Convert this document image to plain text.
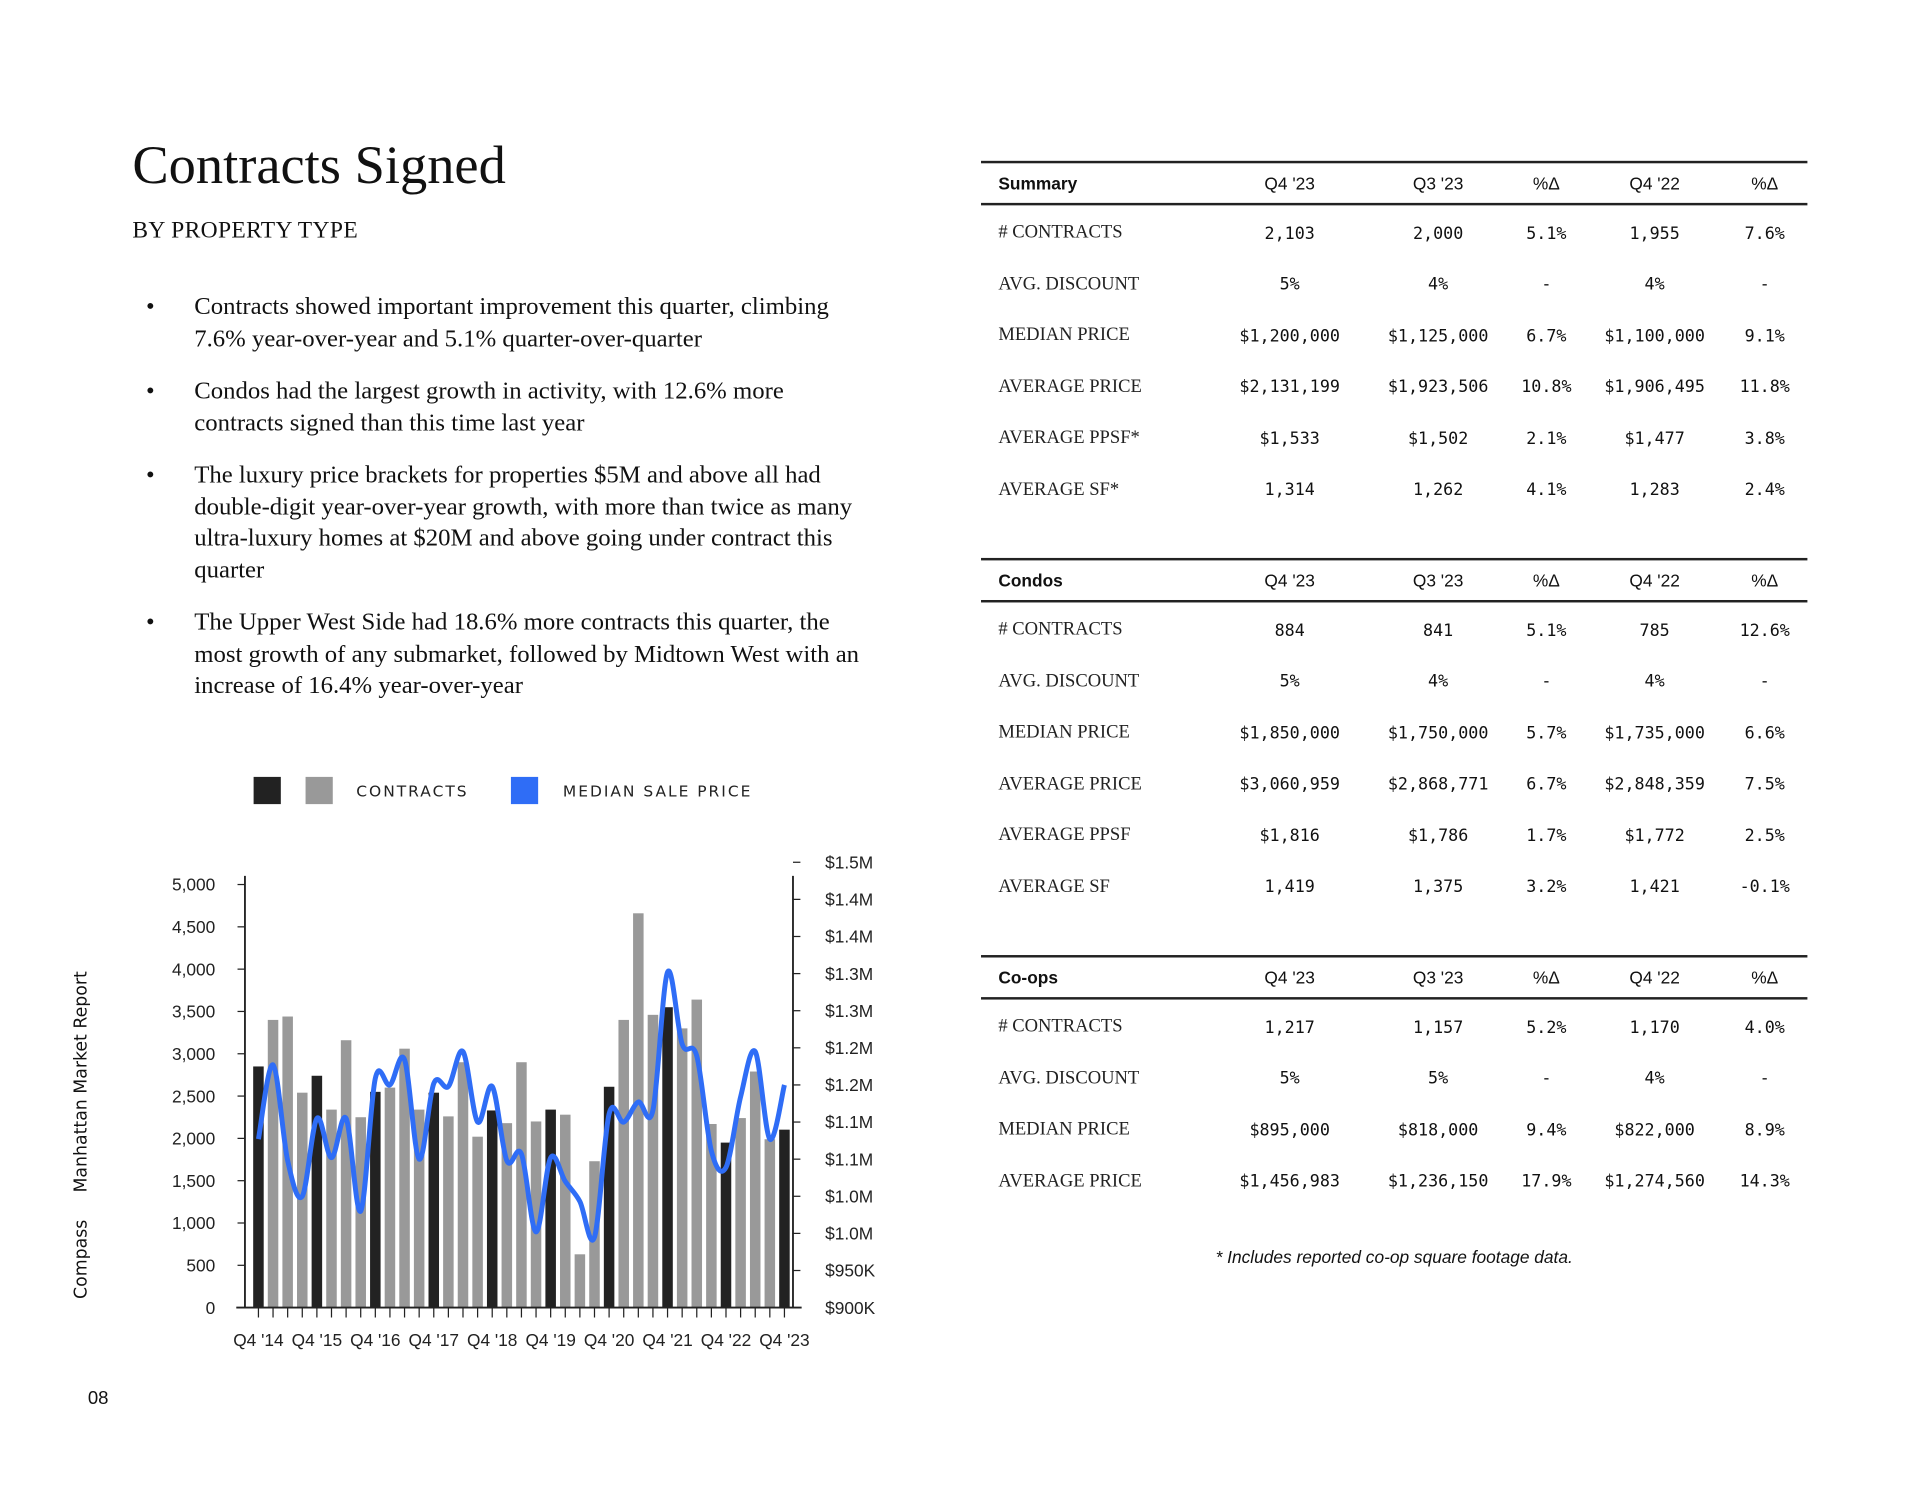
Contracts Signed
BY PROPERTY TYPE
• Contracts showed important improvement this quarter, climbing 7.6% year-over-year and 5.1% quarter-over-quarter
• Condos had the largest growth in activity, with 12.6% more contracts signed than this time last year
• The luxury price brackets for properties $5M and above all had double-digit year-over-year growth, with more than twice as many ultra-luxury homes at $20M and above going under contract this quarter
• The Upper West Side had 18.6% more contracts this quarter, the most growth of any submarket, followed by Midtown West with an increase of 16.4% year-over-year
CONTRACTS	MEDIAN SALE PRICE
0
500
1,000
1,500
2,000
2,500
3,000
3,500
4,000
4,500
5,000
$900K
$950K
$1.0M
$1.0M
$1.1M
$1.1M
$1.2M
$1.2M
$1.3M
$1.3M
$1.4M
$1.4M
$1.5M
Q4 '14 Q4 '15 Q4 '16 Q4 '17 Q4 '18 Q4 '19 Q4 '20 Q4 '21 Q4 '22 Q4 '23
CompassManhattan Market Report
08
Summary	Q4 '23	Q3 '23	%Δ	Q4 '22	%Δ
# CONTRACTS	2,103	2,000	5.1%	1,955	7.6%
AVG. DISCOUNT	5%	4%	-	4%	-
MEDIAN PRICE	$1,200,000	$1,125,000	6.7%	$1,100,000	9.1%
AVERAGE PRICE	$2,131,199	$1,923,506	10.8%	$1,906,495	11.8%
AVERAGE PPSF*	$1,533	$1,502	2.1%	$1,477	3.8%
AVERAGE SF*	1,314	1,262	4.1%	1,283	2.4%
Condos	Q4 '23	Q3 '23	%Δ	Q4 '22	%Δ
# CONTRACTS	884	841	5.1%	785	12.6%
AVG. DISCOUNT	5%	4%	-	4%	-
MEDIAN PRICE	$1,850,000	$1,750,000	5.7%	$1,735,000	6.6%
AVERAGE PRICE	$3,060,959	$2,868,771	6.7%	$2,848,359	7.5%
AVERAGE PPSF	$1,816	$1,786	1.7%	$1,772	2.5%
AVERAGE SF	1,419	1,375	3.2%	1,421	-0.1%
Co-ops	Q4 '23	Q3 '23	%Δ	Q4 '22	%Δ
# CONTRACTS	1,217	1,157	5.2%	1,170	4.0%
AVG. DISCOUNT	5%	5%	-	4%	-
MEDIAN PRICE	$895,000	$818,000	9.4%	$822,000	8.9%
AVERAGE PRICE	$1,456,983	$1,236,150	17.9%	$1,274,560	14.3%
* Includes reported co-op square footage data.
